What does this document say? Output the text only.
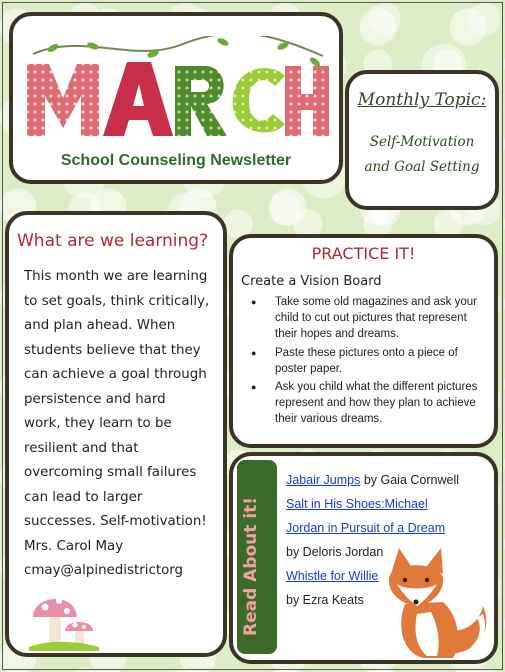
School Counseling Newsletter
Monthly Topic:
Self-Motivation
and Goal Setting
What are we learning?
This month we are learning
to set goals, think critically,
and plan ahead. When
students believe that they
can achieve a goal through
persistence and hard
work, they learn to be
resilient and that
overcoming small failures
can lead to larger
successes. Self-motivation!
Mrs. Carol May
cmay@alpinedistrictorg
PRACTICE IT!
Create a Vision Board
● Take some old magazines and ask your child to cut out pictures that represent their hopes and dreams.
● Paste these pictures onto a piece of poster paper.
● Ask you child what the different pictures represent and how they plan to achieve their various dreams.
Read About it!
Jabair Jumps by Gaia Cornwell
Salt in His Shoes:Michael
Jordan in Pursuit of a Dream
by Deloris Jordan
Whistle for Willie
by Ezra Keats
